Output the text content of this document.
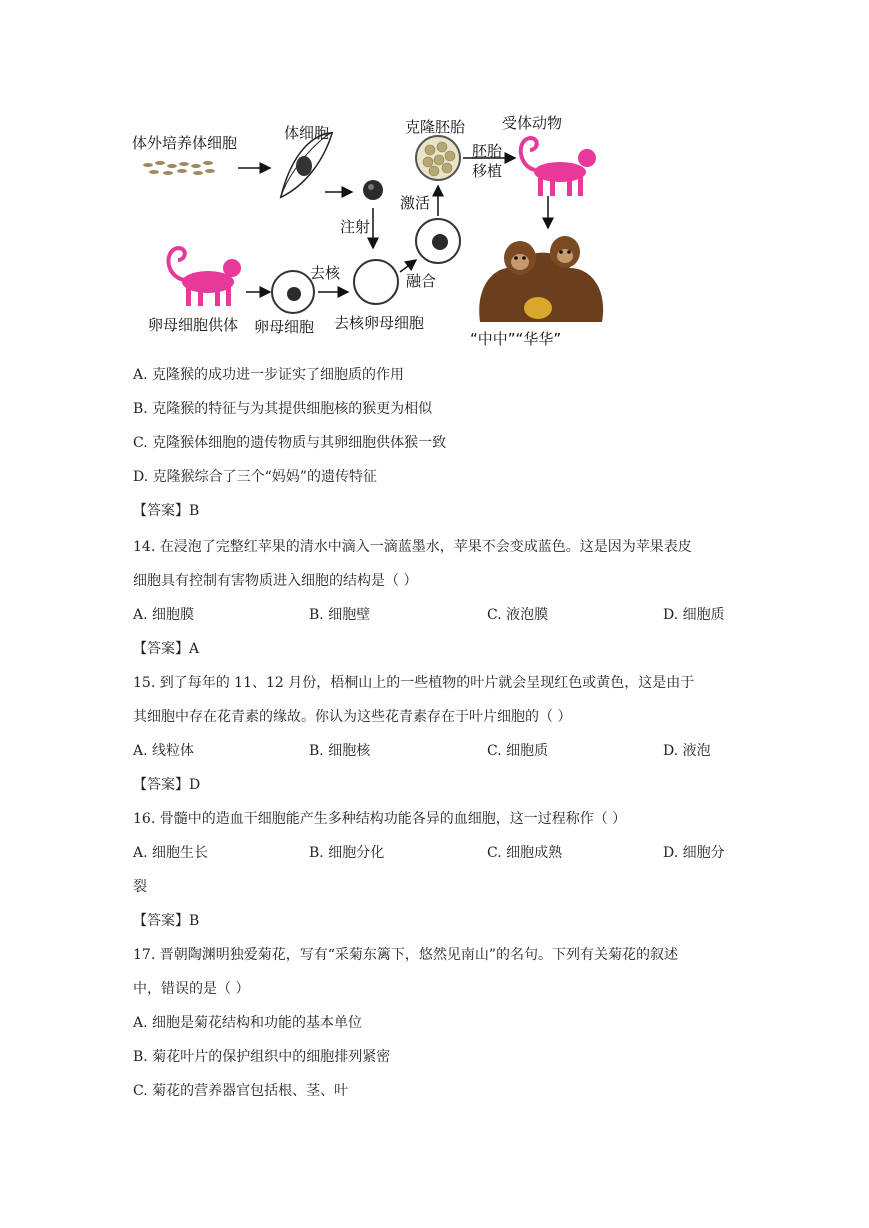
体外培养体细胞
体细胞	克隆胚胎 受体动物
胚胎
移植
激活
注射
去核	融合
卵母细胞供体 卵母细胞 去核卵母细胞
“中中”“华华”
A. 克隆猴的成功进一步证实了细胞质的作用
B. 克隆猴的特征与为其提供细胞核的猴更为相似
C. 克隆猴体细胞的遗传物质与其卵细胞供体猴一致
D. 克隆猴综合了三个“妈妈”的遗传特征
【答案】B
14. 在浸泡了完整红苹果的清水中滴入一滴蓝墨水，苹果不会变成蓝色。这是因为苹果表皮
细胞具有控制有害物质进入细胞的结构是（ ）
A. 细胞膜	B. 细胞壁	C. 液泡膜	D. 细胞质
【答案】A
15. 到了每年的 11、12 月份，梧桐山上的一些植物的叶片就会呈现红色或黄色，这是由于
其细胞中存在花青素的缘故。你认为这些花青素存在于叶片细胞的（ ）
A. 线粒体	B. 细胞核	C. 细胞质	D. 液泡
【答案】D
16. 骨髓中的造血干细胞能产生多种结构功能各异的血细胞，这一过程称作（ ）
A. 细胞生长	B. 细胞分化	C. 细胞成熟	D. 细胞分
裂
【答案】B
17. 晋朝陶渊明独爱菊花，写有“采菊东篱下，悠然见南山”的名句。下列有关菊花的叙述
中，错误的是（ ）
A. 细胞是菊花结构和功能的基本单位
B. 菊花叶片的保护组织中的细胞排列紧密
C. 菊花的营养器官包括根、茎、叶
